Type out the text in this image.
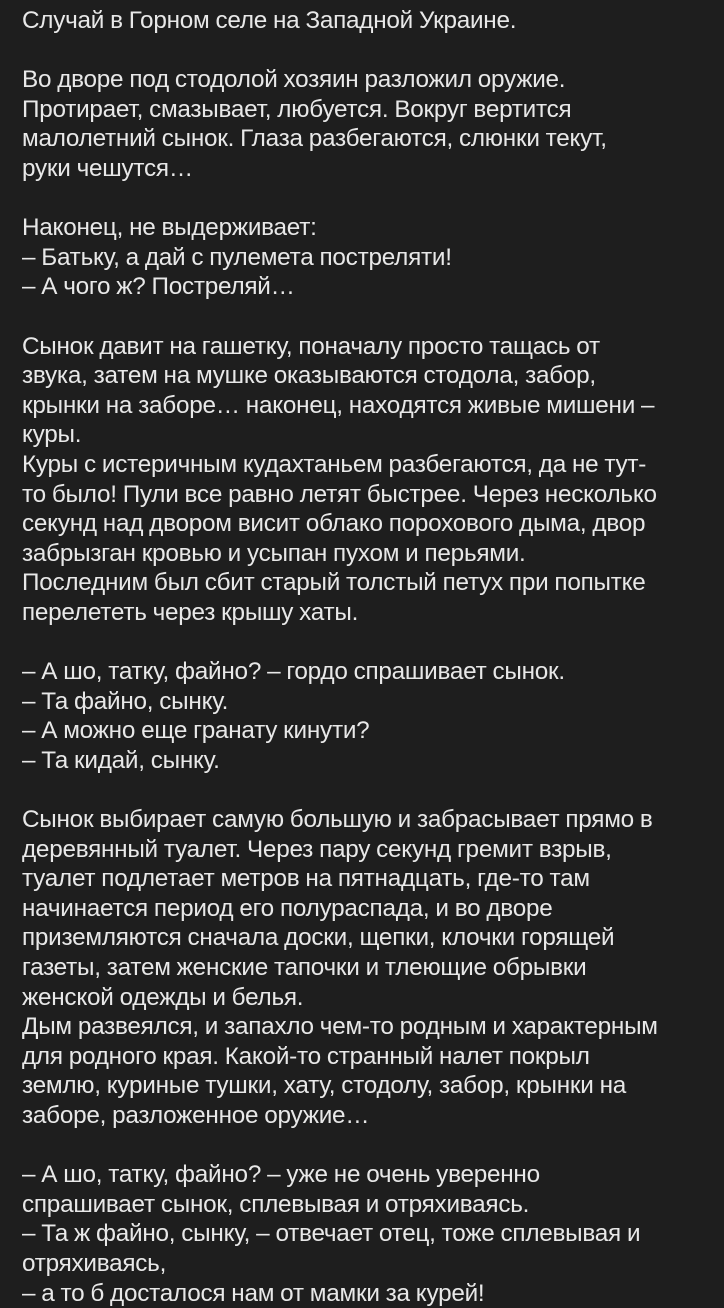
Случай в Горном селе на Западной Украине.
Во дворе под стодолой хозяин разложил оружие.
Протирает, смазывает, любуется. Вокруг вертится
малолетний сынок. Глаза разбегаются, слюнки текут,
руки чешутся…
Наконец, не выдерживает:
– Батьку, а дай с пулемета постреляти!
– А чого ж? Постреляй…
Сынок давит на гашетку, поначалу просто тащась от
звука, затем на мушке оказываются стодола, забор,
крынки на заборе… наконец, находятся живые мишени –
куры.
Куры с истеричным кудахтаньем разбегаются, да не тут-
то было! Пули все равно летят быстрее. Через несколько
секунд над двором висит облако порохового дыма, двор
забрызган кровью и усыпан пухом и перьями.
Последним был сбит старый толстый петух при попытке
перелететь через крышу хаты.
– А шо, татку, файно? – гордо спрашивает сынок.
– Та файно, сынку.
– А можно еще гранату кинути?
– Та кидай, сынку.
Сынок выбирает самую большую и забрасывает прямо в
деревянный туалет. Через пару секунд гремит взрыв,
туалет подлетает метров на пятнадцать, где-то там
начинается период его полураспада, и во дворе
приземляются сначала доски, щепки, клочки горящей
газеты, затем женские тапочки и тлеющие обрывки
женской одежды и белья.
Дым развеялся, и запахло чем-то родным и характерным
для родного края. Какой-то странный налет покрыл
землю, куриные тушки, хату, стодолу, забор, крынки на
заборе, разложенное оружие…
– А шо, татку, файно? – уже не очень уверенно
спрашивает сынок, сплевывая и отряхиваясь.
– Та ж файно, сынку, – отвечает отец, тоже сплевывая и
отряхиваясь,
– а то б досталося нам от мамки за курей!
